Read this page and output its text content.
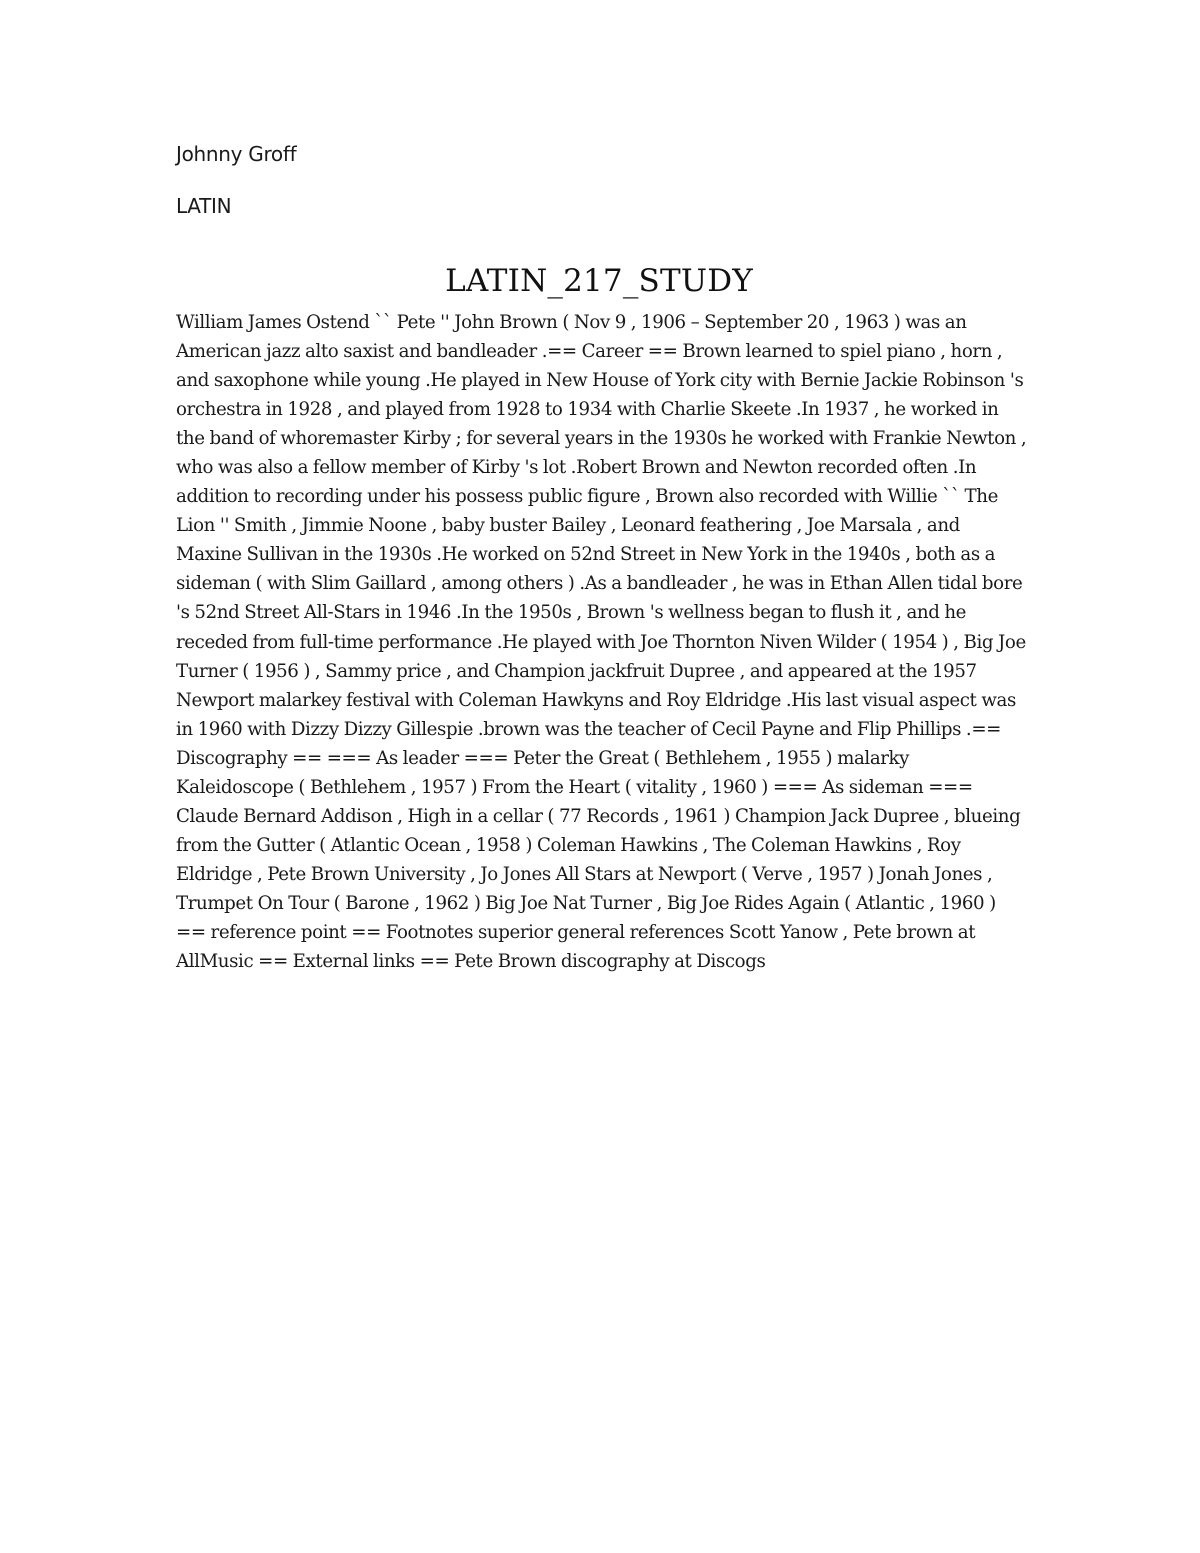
Johnny Groff
LATIN
LATIN_217_STUDY

William James Ostend `` Pete '' John Brown ( Nov 9 , 1906 – September 20 , 1963 ) was an American jazz alto saxist and bandleader .== Career == Brown learned to spiel piano , horn , and saxophone while young .He played in New House of York city with Bernie Jackie Robinson 's orchestra in 1928 , and played from 1928 to 1934 with Charlie Skeete .In 1937 , he worked in the band of whoremaster Kirby ; for several years in the 1930s he worked with Frankie Newton , who was also a fellow member of Kirby 's lot .Robert Brown and Newton recorded often .In addition to recording under his possess public figure , Brown also recorded with Willie `` The Lion '' Smith , Jimmie Noone , baby buster Bailey , Leonard feathering , Joe Marsala , and Maxine Sullivan in the 1930s .He worked on 52nd Street in New York in the 1940s , both as a sideman ( with Slim Gaillard , among others ) .As a bandleader , he was in Ethan Allen tidal bore 's 52nd Street All-Stars in 1946 .In the 1950s , Brown 's wellness began to flush it , and he receded from full-time performance .He played with Joe Thornton Niven Wilder ( 1954 ) , Big Joe Turner ( 1956 ) , Sammy price , and Champion jackfruit Dupree , and appeared at the 1957 Newport malarkey festival with Coleman Hawkyns and Roy Eldridge .His last visual aspect was in 1960 with Dizzy Dizzy Gillespie .brown was the teacher of Cecil Payne and Flip Phillips .== Discography == === As leader === Peter the Great ( Bethlehem , 1955 ) malarky Kaleidoscope ( Bethlehem , 1957 ) From the Heart ( vitality , 1960 ) === As sideman === Claude Bernard Addison , High in a cellar ( 77 Records , 1961 ) Champion Jack Dupree , blueing from the Gutter ( Atlantic Ocean , 1958 ) Coleman Hawkins , The Coleman Hawkins , Roy Eldridge , Pete Brown University , Jo Jones All Stars at Newport ( Verve , 1957 ) Jonah Jones , Trumpet On Tour ( Barone , 1962 ) Big Joe Nat Turner , Big Joe Rides Again ( Atlantic , 1960 ) == reference point == Footnotes superior general references Scott Yanow , Pete brown at AllMusic == External links == Pete Brown discography at Discogs
